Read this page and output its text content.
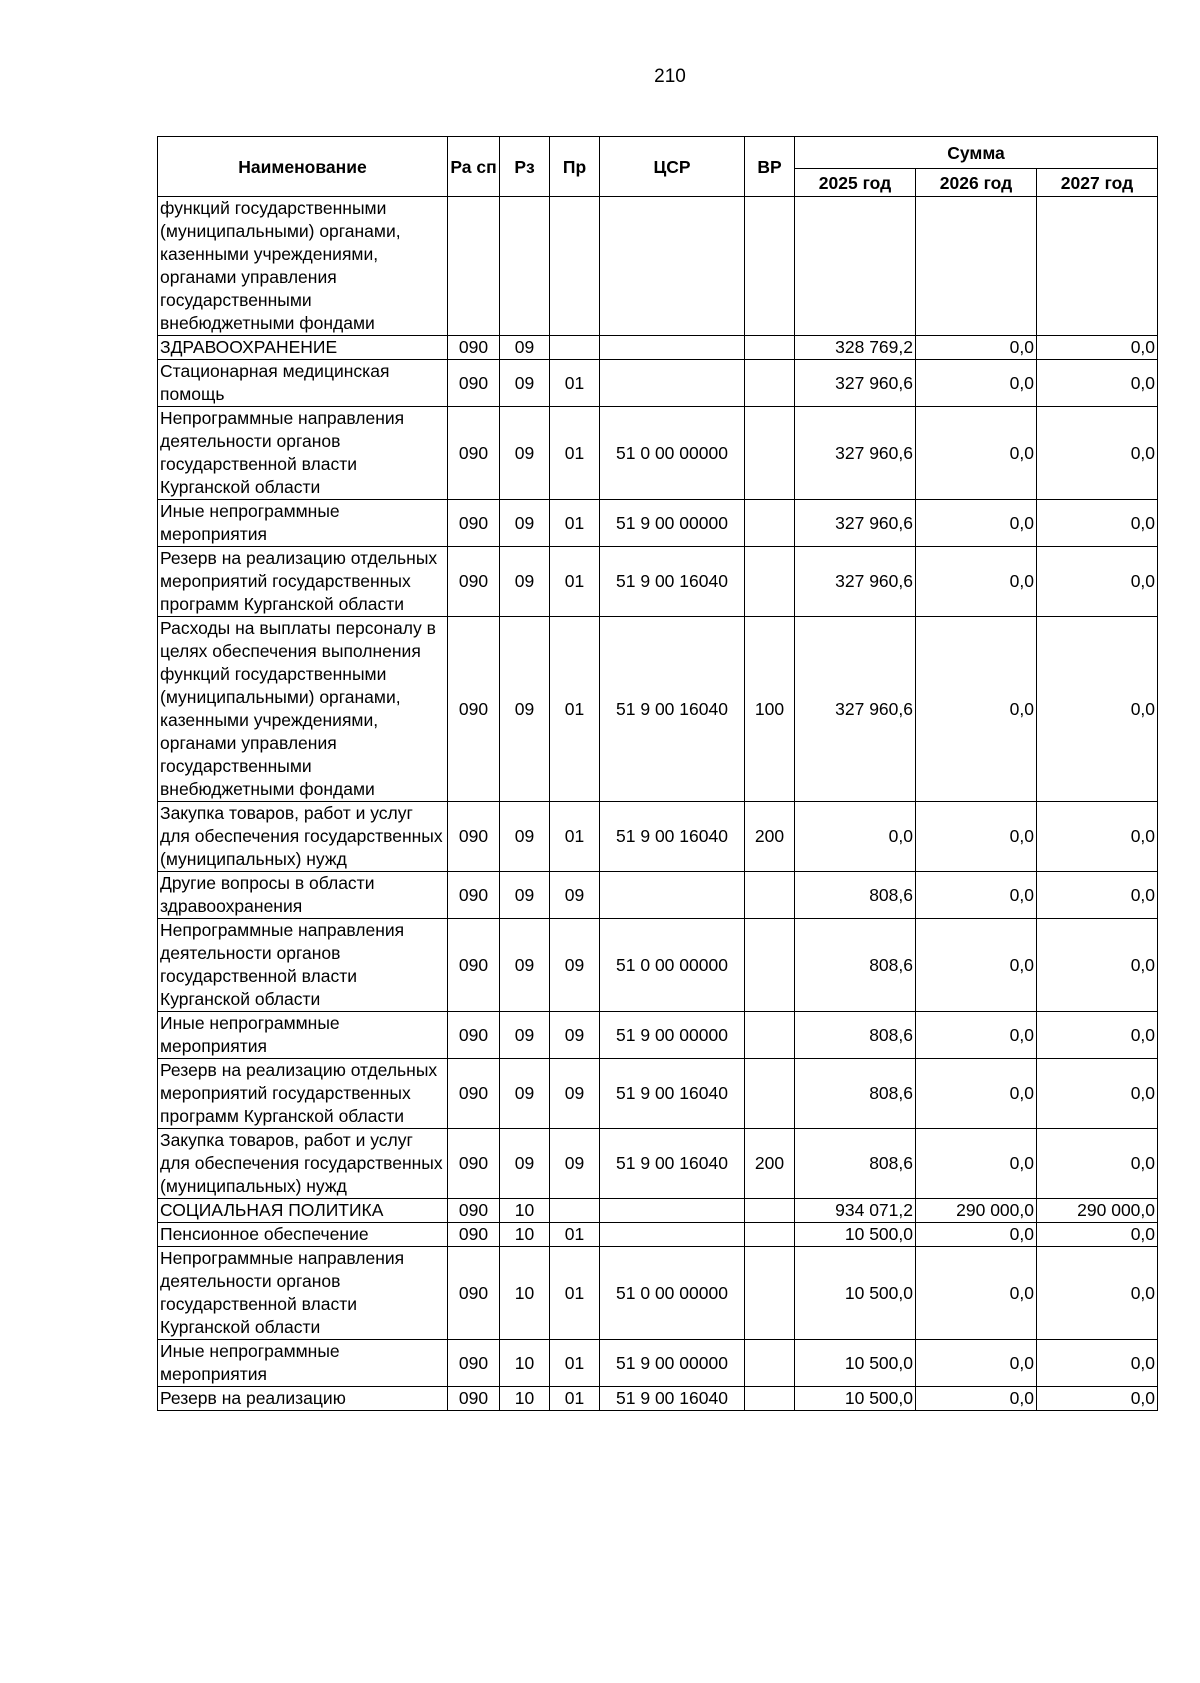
210
Наименование	Ра сп	Рз	Пр	ЦСР	ВР	Сумма		
						2025 год	2026 год	2027 год
функций государственными (муниципальными) органами, казенными учреждениями, органами управления государственными внебюджетными фондами								
ЗДРАВООХРАНЕНИЕ	090	09				328 769,2	0,0	0,0
Стационарная медицинская помощь	090	09	01			327 960,6	0,0	0,0
Непрограммные направления деятельности органов государственной власти Курганской области	090	09	01	51 0 00 00000		327 960,6	0,0	0,0
Иные непрограммные мероприятия	090	09	01	51 9 00 00000		327 960,6	0,0	0,0
Резерв на реализацию отдельных мероприятий государственных программ Курганской области	090	09	01	51 9 00 16040		327 960,6	0,0	0,0
Расходы на выплаты персоналу в целях обеспечения выполнения функций государственными (муниципальными) органами, казенными учреждениями, органами управления государственными внебюджетными фондами	090	09	01	51 9 00 16040	100	327 960,6	0,0	0,0
Закупка товаров, работ и услуг для обеспечения государственных (муниципальных) нужд	090	09	01	51 9 00 16040	200	0,0	0,0	0,0
Другие вопросы в области здравоохранения	090	09	09			808,6	0,0	0,0
Непрограммные направления деятельности органов государственной власти Курганской области	090	09	09	51 0 00 00000		808,6	0,0	0,0
Иные непрограммные мероприятия	090	09	09	51 9 00 00000		808,6	0,0	0,0
Резерв на реализацию отдельных мероприятий государственных программ Курганской области	090	09	09	51 9 00 16040		808,6	0,0	0,0
Закупка товаров, работ и услуг для обеспечения государственных (муниципальных) нужд	090	09	09	51 9 00 16040	200	808,6	0,0	0,0
СОЦИАЛЬНАЯ ПОЛИТИКА	090	10				934 071,2	290 000,0	290 000,0
Пенсионное обеспечение	090	10	01			10 500,0	0,0	0,0
Непрограммные направления деятельности органов государственной власти Курганской области	090	10	01	51 0 00 00000		10 500,0	0,0	0,0
Иные непрограммные мероприятия	090	10	01	51 9 00 00000		10 500,0	0,0	0,0
Резерв на реализацию	090	10	01	51 9 00 16040		10 500,0	0,0	0,0
